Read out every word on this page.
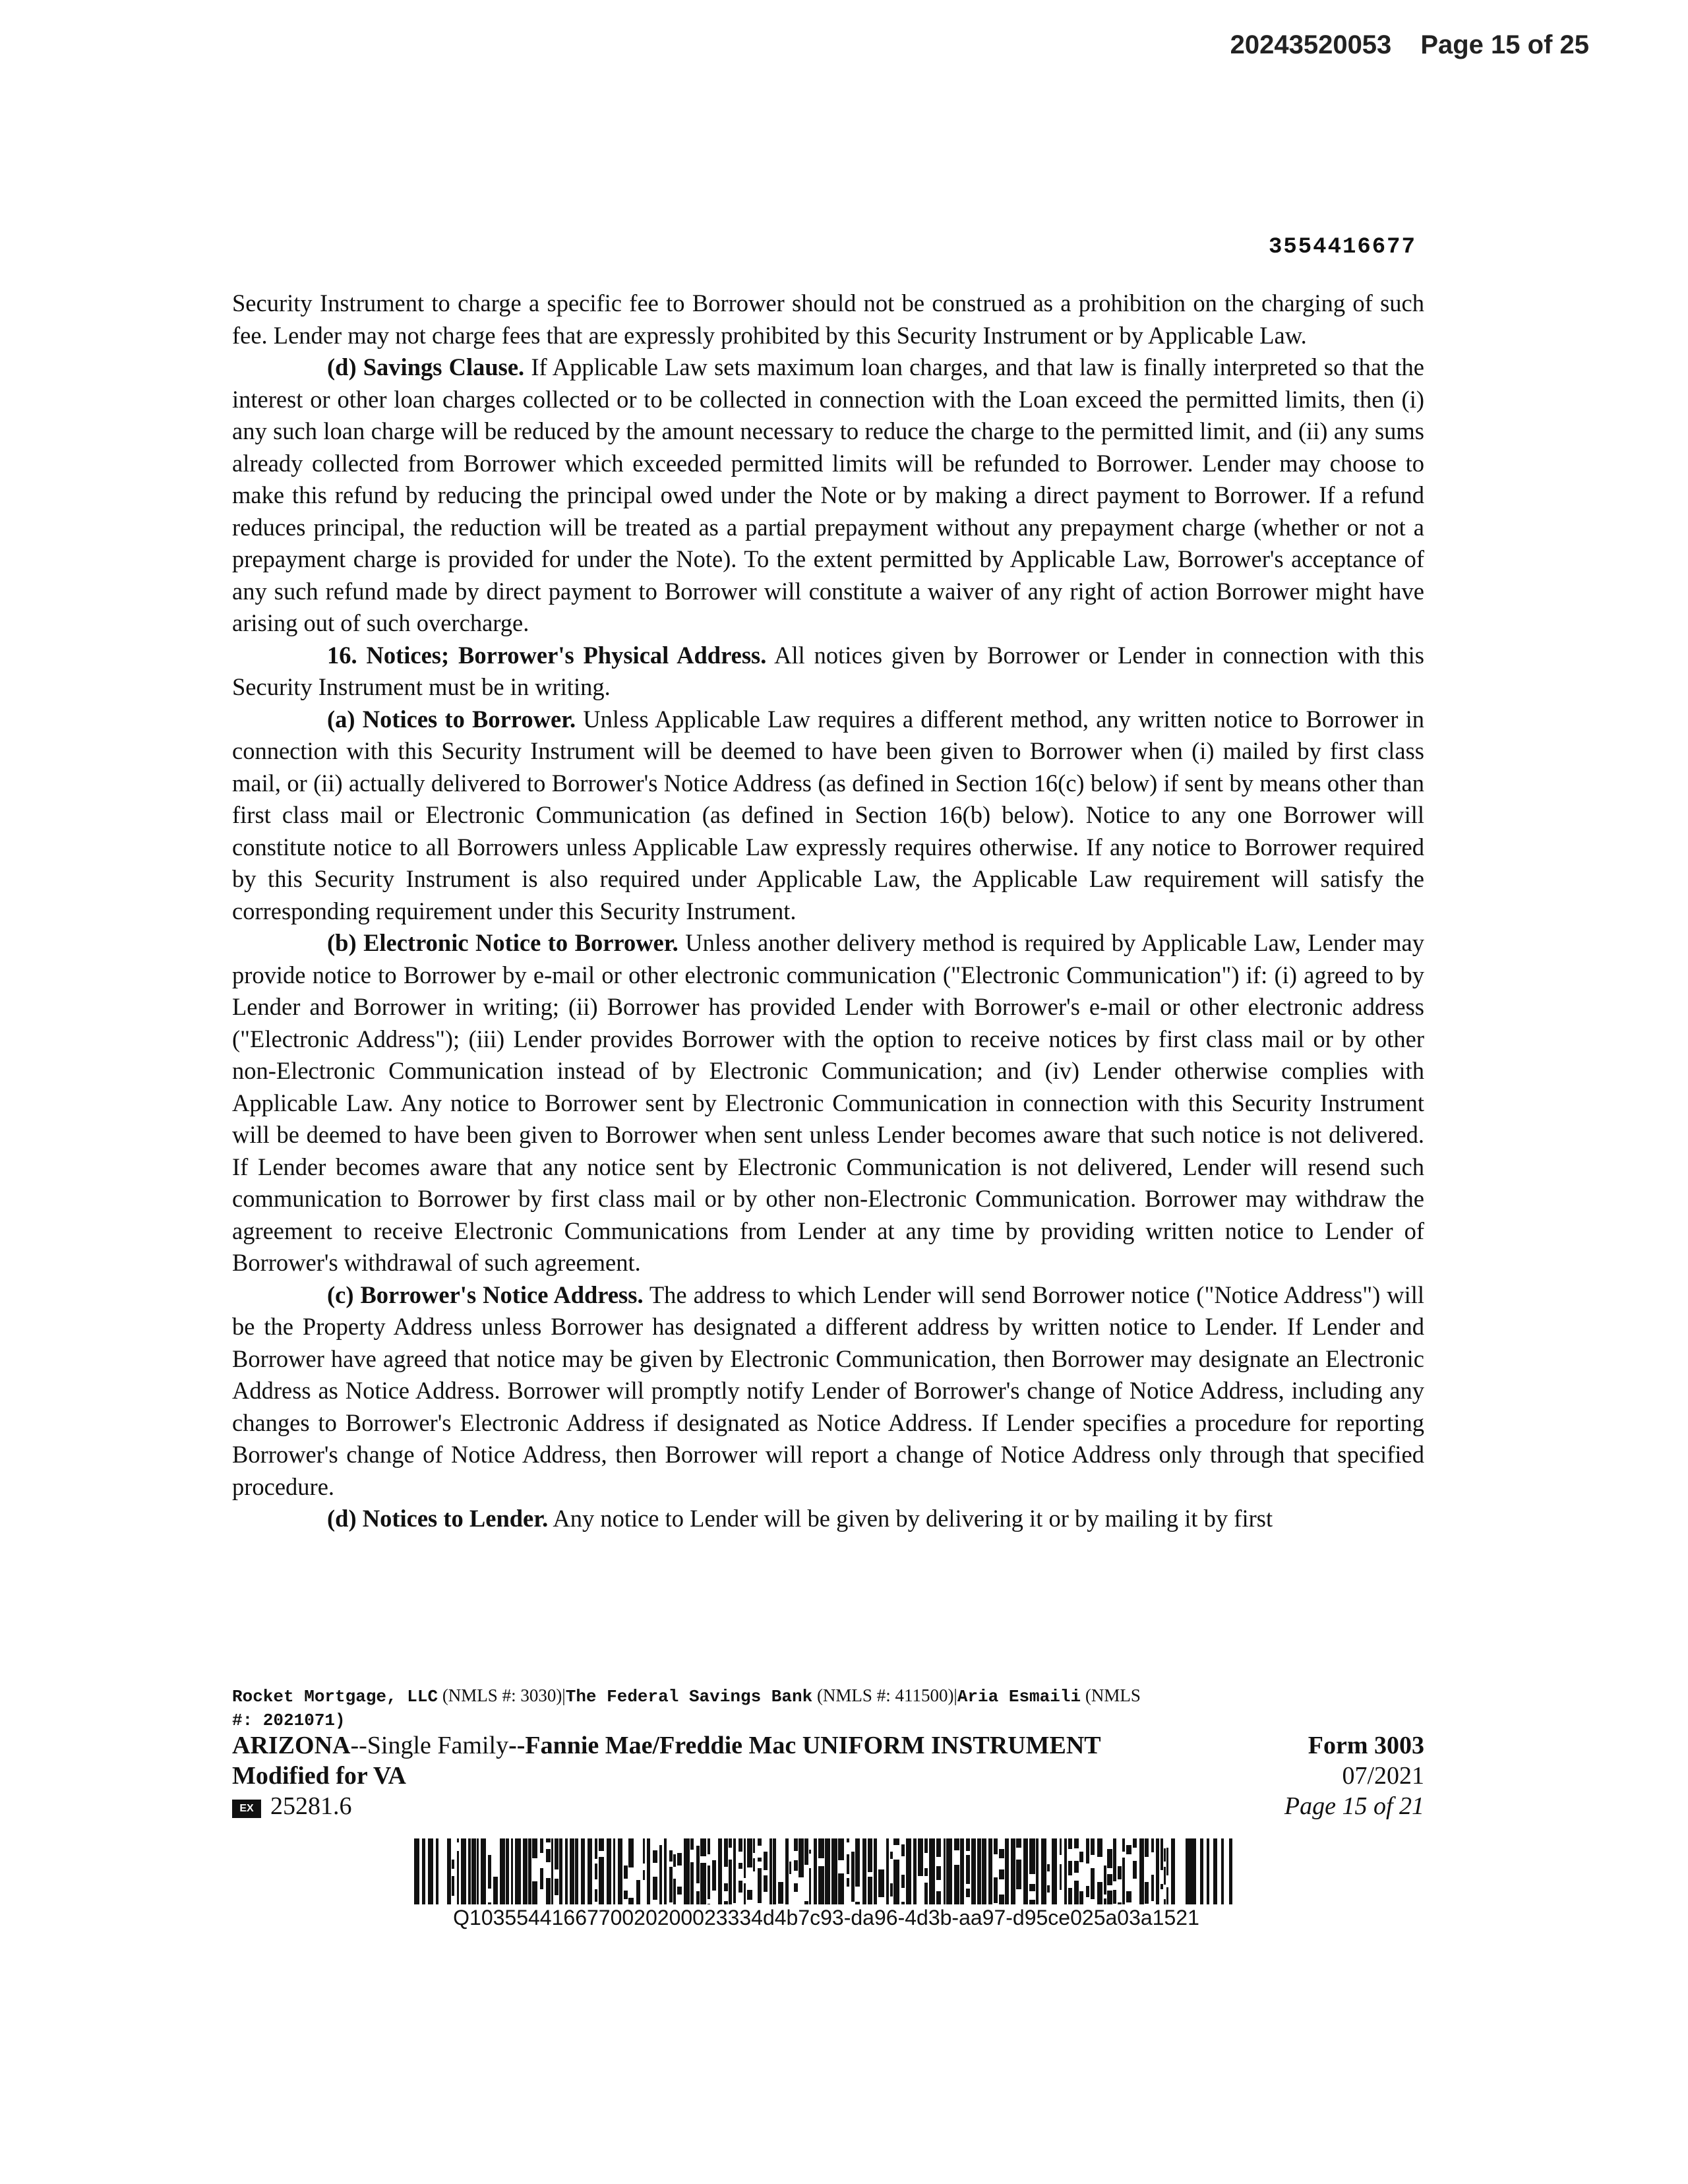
20243520053 Page 15 of 25
3554416677

Security Instrument to charge a specific fee to Borrower should not be construed as a prohibition on the charging of such fee. Lender may not charge fees that are expressly prohibited by this Security Instrument or by Applicable Law.

(d) Savings Clause. If Applicable Law sets maximum loan charges, and that law is finally interpreted so that the interest or other loan charges collected or to be collected in connection with the Loan exceed the permitted limits, then (i) any such loan charge will be reduced by the amount necessary to reduce the charge to the permitted limit, and (ii) any sums already collected from Borrower which exceeded permitted limits will be refunded to Borrower. Lender may choose to make this refund by reducing the principal owed under the Note or by making a direct payment to Borrower. If a refund reduces principal, the reduction will be treated as a partial prepayment without any prepayment charge (whether or not a prepayment charge is provided for under the Note). To the extent permitted by Applicable Law, Borrower's acceptance of any such refund made by direct payment to Borrower will constitute a waiver of any right of action Borrower might have arising out of such overcharge.

16. Notices; Borrower's Physical Address. All notices given by Borrower or Lender in connection with this Security Instrument must be in writing.

(a) Notices to Borrower. Unless Applicable Law requires a different method, any written notice to Borrower in connection with this Security Instrument will be deemed to have been given to Borrower when (i) mailed by first class mail, or (ii) actually delivered to Borrower's Notice Address (as defined in Section 16(c) below) if sent by means other than first class mail or Electronic Communication (as defined in Section 16(b) below). Notice to any one Borrower will constitute notice to all Borrowers unless Applicable Law expressly requires otherwise. If any notice to Borrower required by this Security Instrument is also required under Applicable Law, the Applicable Law requirement will satisfy the corresponding requirement under this Security Instrument.

(b) Electronic Notice to Borrower. Unless another delivery method is required by Applicable Law, Lender may provide notice to Borrower by e-mail or other electronic communication ("Electronic Communication") if: (i) agreed to by Lender and Borrower in writing; (ii) Borrower has provided Lender with Borrower's e-mail or other electronic address ("Electronic Address"); (iii) Lender provides Borrower with the option to receive notices by first class mail or by other non-Electronic Communication instead of by Electronic Communication; and (iv) Lender otherwise complies with Applicable Law. Any notice to Borrower sent by Electronic Communication in connection with this Security Instrument will be deemed to have been given to Borrower when sent unless Lender becomes aware that such notice is not delivered. If Lender becomes aware that any notice sent by Electronic Communication is not delivered, Lender will resend such communication to Borrower by first class mail or by other non-Electronic Communication. Borrower may withdraw the agreement to receive Electronic Communications from Lender at any time by providing written notice to Lender of Borrower's withdrawal of such agreement.

(c) Borrower's Notice Address. The address to which Lender will send Borrower notice ("Notice Address") will be the Property Address unless Borrower has designated a different address by written notice to Lender. If Lender and Borrower have agreed that notice may be given by Electronic Communication, then Borrower may designate an Electronic Address as Notice Address. Borrower will promptly notify Lender of Borrower's change of Notice Address, including any changes to Borrower's Electronic Address if designated as Notice Address. If Lender specifies a procedure for reporting Borrower's change of Notice Address, then Borrower will report a change of Notice Address only through that specified procedure.

(d) Notices to Lender. Any notice to Lender will be given by delivering it or by mailing it by first

Rocket Mortgage, LLC (NMLS #: 3030)|The Federal Savings Bank (NMLS #: 411500)|Aria Esmaili (NMLS
#: 2021071)
ARIZONA--Single Family--Fannie Mae/Freddie Mac UNIFORM INSTRUMENT
Modified for VA
EX 25281.6
Form 3003
07/2021
Page 15 of 21
Q1035544166770020200023334d4b7c93-da96-4d3b-aa97-d95ce025a03a1521
